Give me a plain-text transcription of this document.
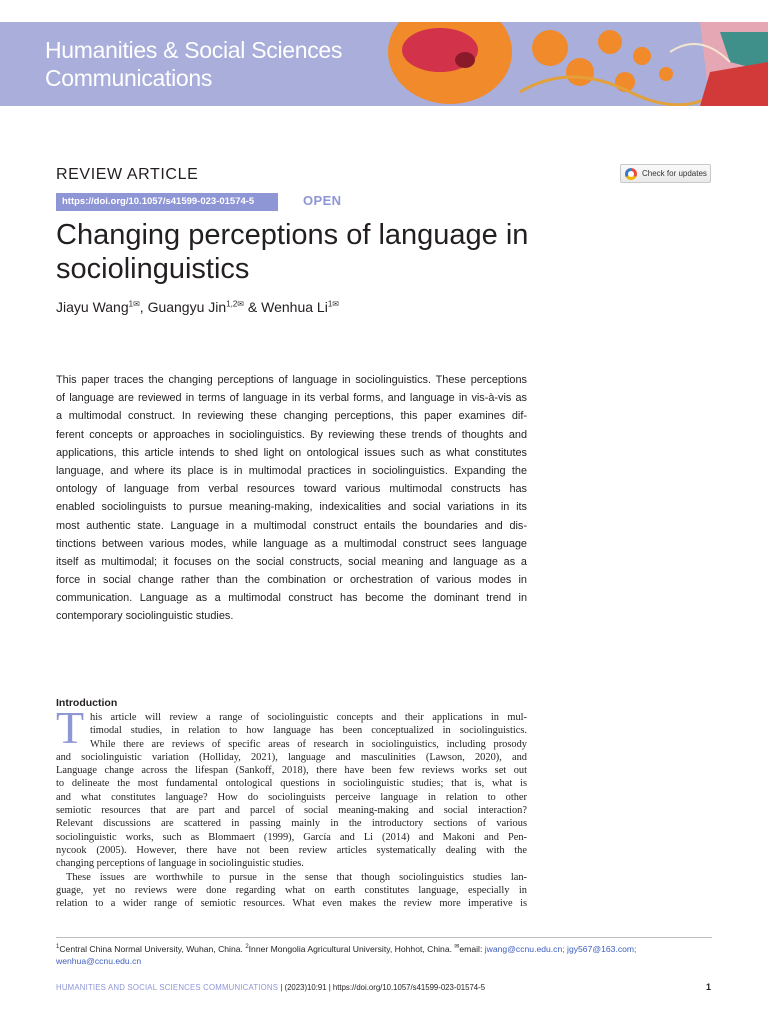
Humanities & Social Sciences
Communications
REVIEW ARTICLE	Check for updates
https://doi.org/10.1057/s41599-023-01574-5	OPEN
Changing perceptions of language in sociolinguistics
Jiayu Wang$^{1✉}$, Guangyu Jin$^{1,2✉}$ & Wenhua $Li^{1✉}$
This paper traces the changing perceptions of language in sociolinguistics. These perceptions
of language are reviewed in terms of language in its verbal forms, and language in vis-à-vis as
a multimodal construct. In reviewing these changing perceptions, this paper examines dif-
ferent concepts or approaches in sociolinguistics. By reviewing these trends of thoughts and
applications, this article intends to shed light on ontological issues such as what constitutes
language, and where its place is in multimodal practices in sociolinguistics. Expanding the
ontology of language from verbal resources toward various multimodal constructs has
enabled sociolinguists to pursue meaning-making, indexicalities and social variations in its
most authentic state. Language in a multimodal construct entails the boundaries and dis-
tinctions between various modes, while language as a multimodal construct sees language
itself as multimodal; it focuses on the social constructs, social meaning and language as a
force in social change rather than the combination or orchestration of various modes in
communication. Language as a multimodal construct has become the dominant trend in
contemporary sociolinguistic studies.
Introduction
T his article will review a range of sociolinguistic concepts and their applications in mul-
timodal studies, in relation to how language has been conceptualized in sociolinguistics.
While there are reviews of specific areas of research in sociolinguistics, including prosody
and sociolinguistic variation (Holliday, 2021), language and masculinities (Lawson, 2020), and
Language change across the lifespan (Sankoff, 2018), there have been few reviews works set out
to delineate the most fundamental ontological questions in sociolinguistic studies; that is, what is
and what constitutes language? How do sociolinguists perceive language in relation to other
semiotic resources that are part and parcel of social meaning-making and social interaction?
Relevant discussions are scattered in passing mainly in the introductory sections of various
sociolinguistic works, such as Blommaert (1999), García and Li (2014) and Makoni and Pen-
nycook (2005). However, there have not been review articles systematically dealing with the
changing perceptions of language in sociolinguistic studies.
These issues are worthwhile to pursue in the sense that though sociolinguistics studies lan-
guage, yet no reviews were done regarding what on earth constitutes language, especially in
relation to a wider range of semiotic resources. What even makes the review more imperative is
$^1$Central China Normal University, Wuhan, China. $^2$Inner Mongolia Agricultural University, Hohhot, China. ✉email: jwang@ccnu.edu.cn; jgy567@163.com;
wenhua@ccnu.edu.cn
HUMANITIES AND SOCIAL SCIENCES COMMUNICATIONS | (2023)10:91 | https://doi.org/10.1057/s41599-023-01574-5	1
